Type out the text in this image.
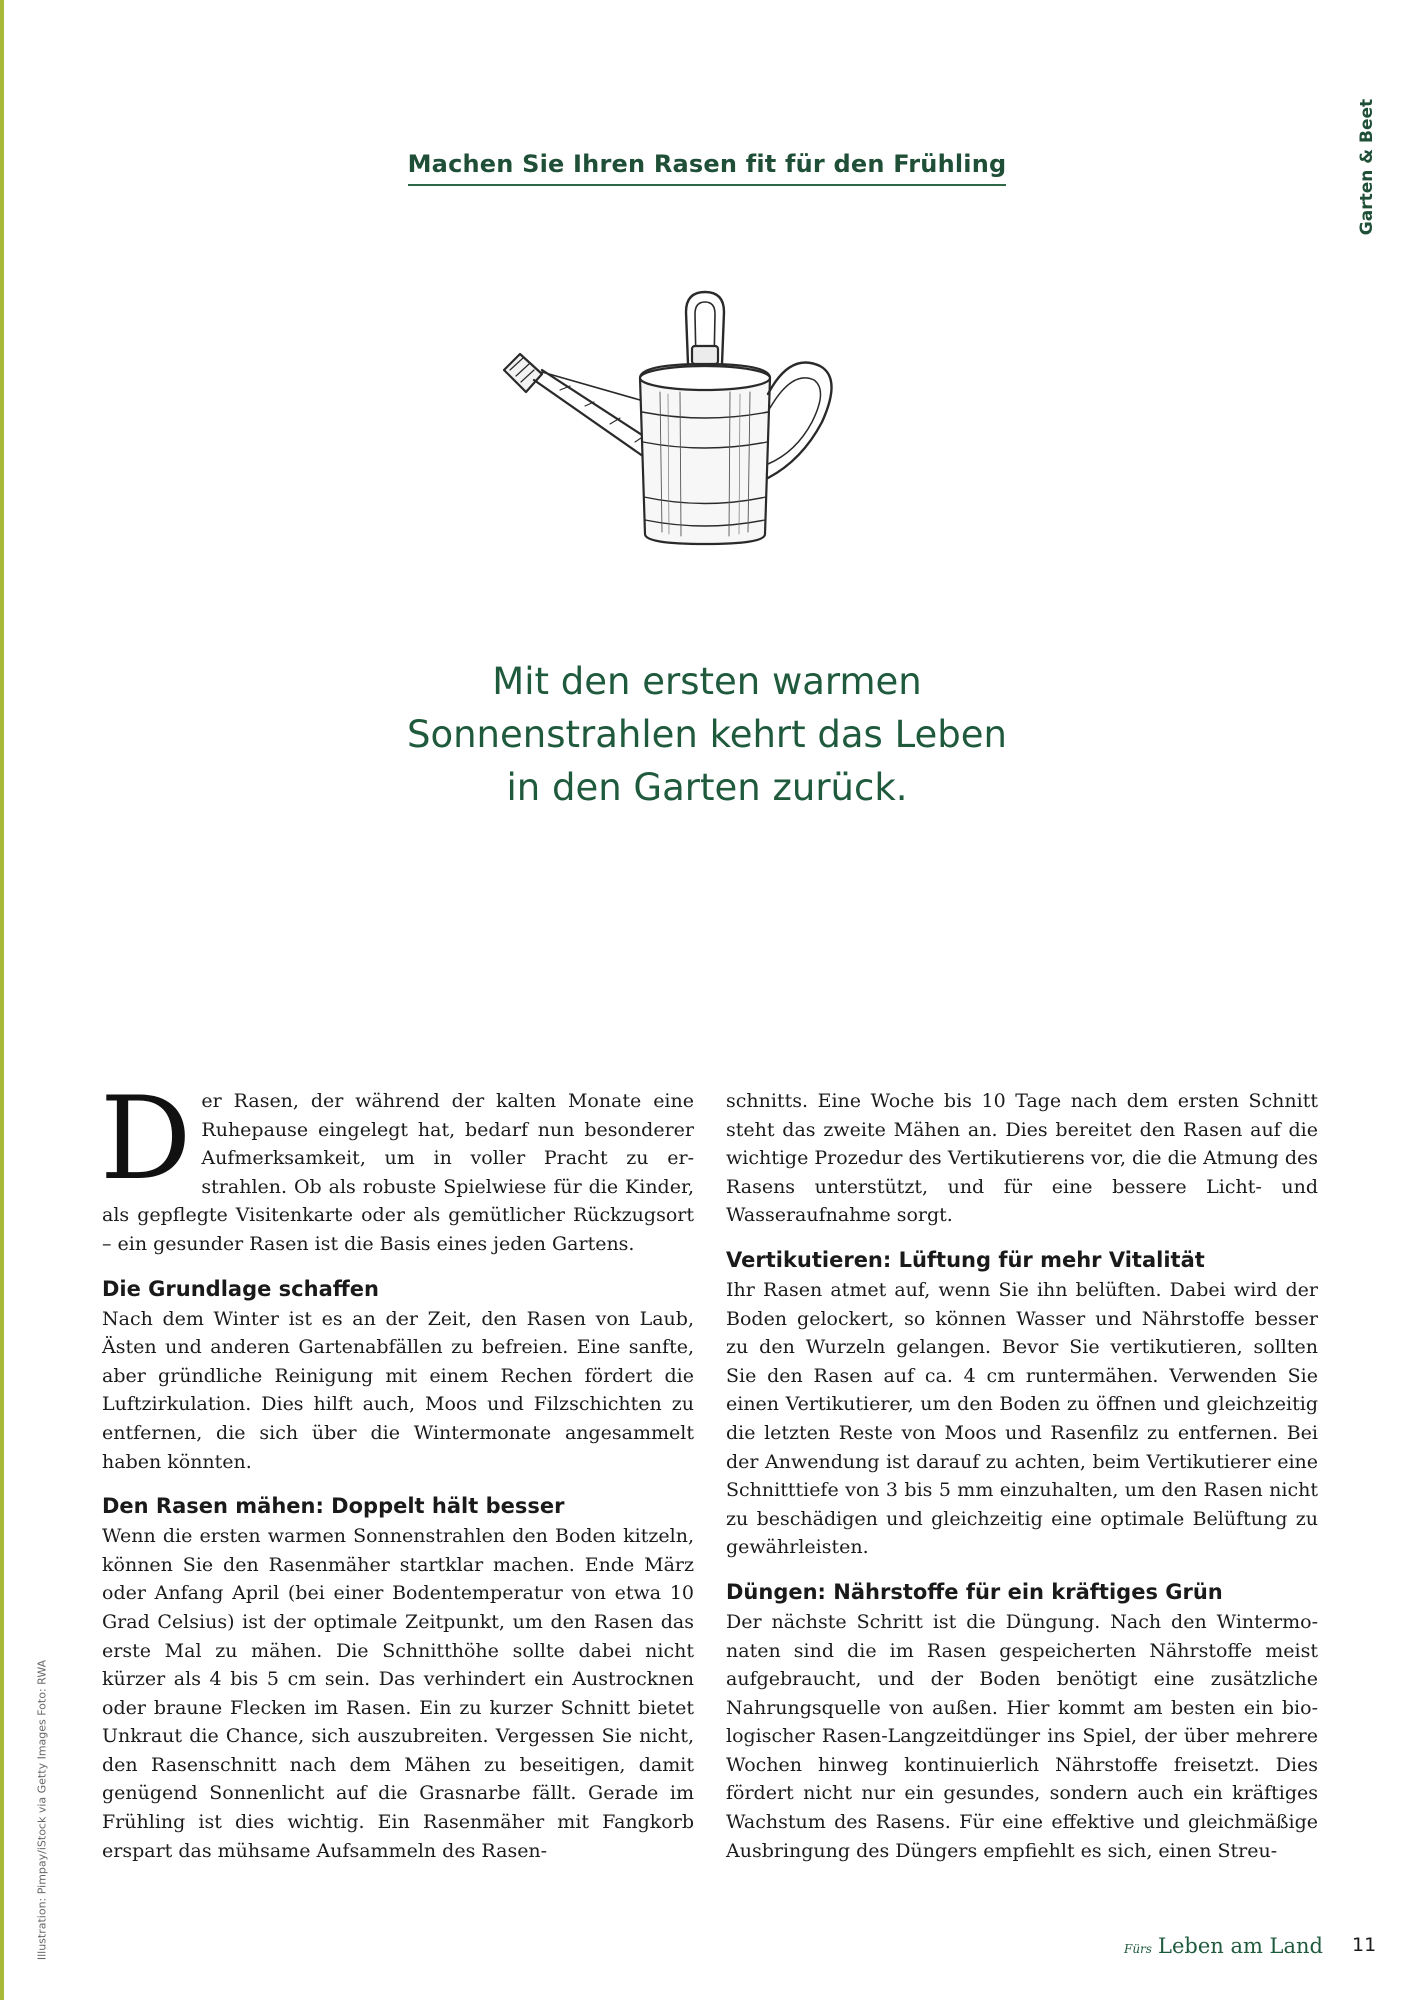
Garten & Beet
Machen Sie Ihren Rasen fit für den Frühling
Mit den ersten warmen
Sonnenstrahlen kehrt das Leben
in den Garten zurück.

Der Rasen, der während der kalten Monate eine Ruhepause eingelegt hat, bedarf nun besonderer Aufmerksamkeit, um in voller Pracht zu erstrahlen. Ob als robuste Spielwiese für die Kinder, als gepflegte Visitenkarte oder als gemütlicher Rückzugsort – ein gesunder Rasen ist die Basis eines jeden Gartens.

Die Grundlage schaffen

Nach dem Winter ist es an der Zeit, den Rasen von Laub, Ästen und anderen Gartenabfällen zu befreien. Eine sanfte, aber gründliche Reinigung mit einem Rechen fördert die Luftzirkulation. Dies hilft auch, Moos und Filzschichten zu entfernen, die sich über die Wintermonate angesammelt haben könnten.

Den Rasen mähen: Doppelt hält besser

Wenn die ersten warmen Sonnenstrahlen den Boden kitzeln, können Sie den Rasenmäher startklar machen. Ende März oder Anfang April (bei einer Bodentemperatur von etwa 10 Grad Celsius) ist der optimale Zeitpunkt, um den Rasen das erste Mal zu mähen. Die Schnitthöhe sollte dabei nicht kürzer als 4 bis 5 cm sein. Das verhindert ein Austrocknen oder braune Flecken im Rasen. Ein zu kurzer Schnitt bietet Unkraut die Chance, sich auszubreiten. Vergessen Sie nicht, den Rasenschnitt nach dem Mähen zu beseitigen, damit genügend Sonnenlicht auf die Grasnarbe fällt. Gerade im Frühling ist dies wichtig. Ein Rasenmäher mit Fangkorb erspart das mühsame Aufsammeln des Rasen-

schnitts. Eine Woche bis 10 Tage nach dem ersten Schnitt steht das zweite Mähen an. Dies bereitet den Rasen auf die wichtige Prozedur des Vertikutierens vor, die die Atmung des Rasens unterstützt, und für eine bessere Licht- und Wasseraufnahme sorgt.

Vertikutieren: Lüftung für mehr Vitalität

Ihr Rasen atmet auf, wenn Sie ihn belüften. Dabei wird der Boden gelockert, so können Wasser und Nährstoffe besser zu den Wurzeln gelangen. Bevor Sie vertikutieren, sollten Sie den Rasen auf ca. 4 cm runtermähen. Verwenden Sie einen Vertikutierer, um den Boden zu öffnen und gleichzeitig die letzten Reste von Moos und Rasenfilz zu entfernen. Bei der Anwendung ist darauf zu achten, beim Vertikutierer eine Schnitttiefe von 3 bis 5 mm einzuhalten, um den Rasen nicht zu beschädigen und gleichzeitig eine optimale Belüftung zu gewährleisten.

Düngen: Nährstoffe für ein kräftiges Grün

Der nächste Schritt ist die Düngung. Nach den Wintermonaten sind die im Rasen gespeicherten Nährstoffe meist aufgebraucht, und der Boden benötigt eine zusätzliche Nahrungsquelle von außen. Hier kommt am besten ein biologischer Rasen-Langzeitdünger ins Spiel, der über mehrere Wochen hinweg kontinuierlich Nährstoffe freisetzt. Dies fördert nicht nur ein gesundes, sondern auch ein kräftiges Wachstum des Rasens. Für eine effektive und gleichmäßige Ausbringung des Düngers empfiehlt es sich, einen Streu-

Illustration: Pimpay/iStock via Getty Images Foto: RWA	Fürs Leben am Land 11
